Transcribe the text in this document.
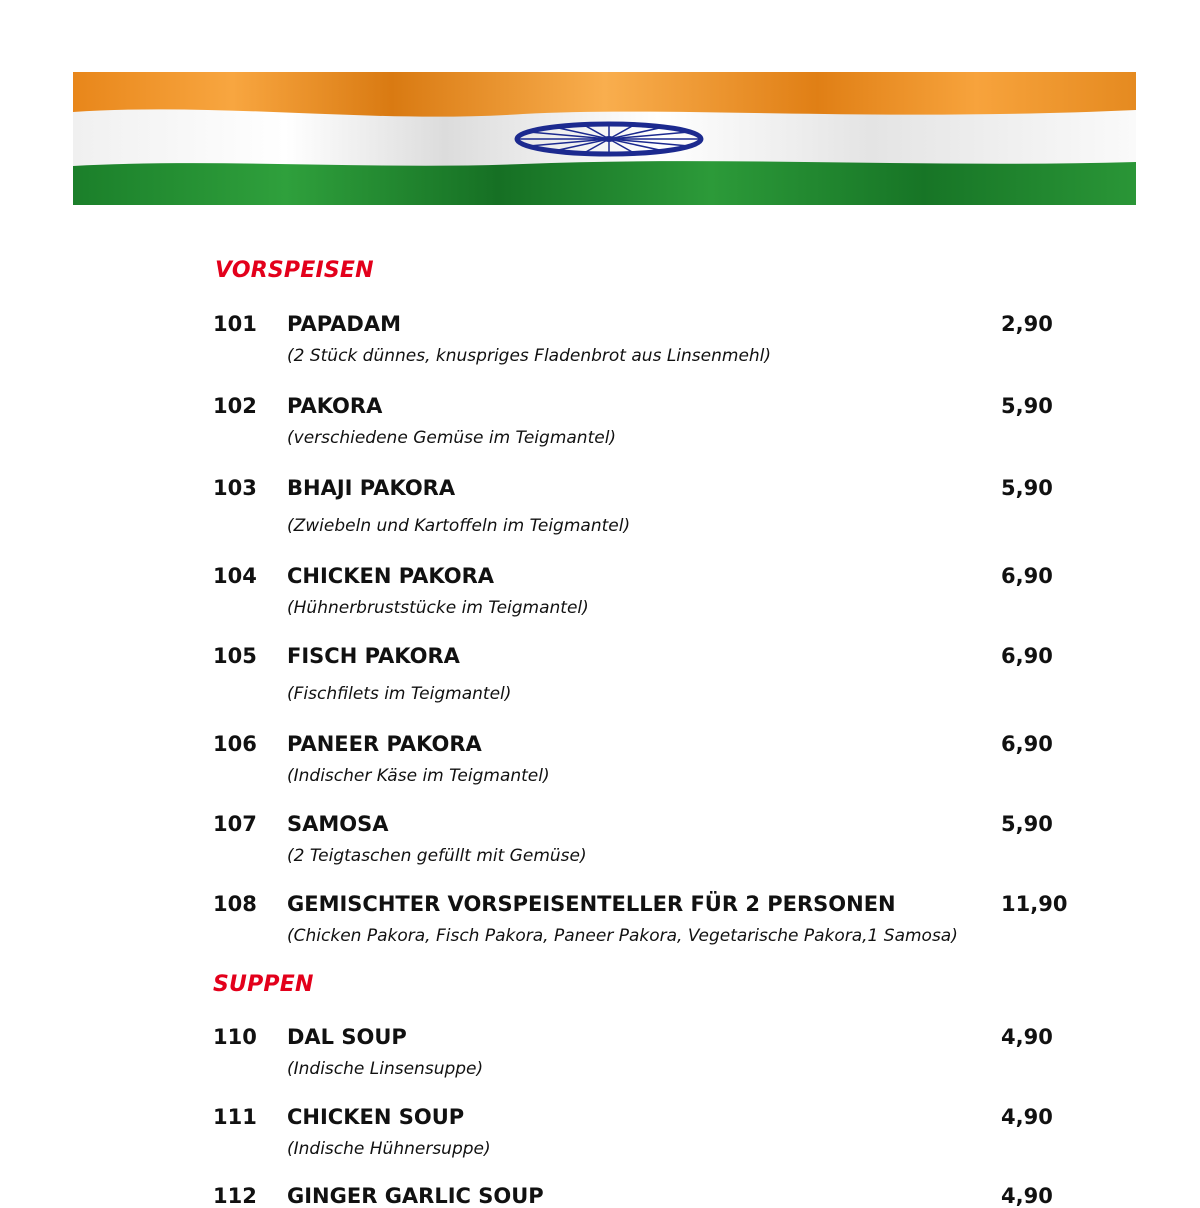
VORSPEISEN
101 PAPADAM	2,90
(2 Stück dünnes, knuspriges Fladenbrot aus Linsenmehl)
102 PAKORA	5,90
(verschiedene Gemüse im Teigmantel)
103 BHAJI PAKORA	5,90
(Zwiebeln und Kartoffeln im Teigmantel)
104 CHICKEN PAKORA	6,90
(Hühnerbruststücke im Teigmantel)
105 FISCH PAKORA	6,90
(Fischfilets im Teigmantel)
106 PANEER PAKORA	6,90
(Indischer Käse im Teigmantel)
107 SAMOSA	5,90
(2 Teigtaschen gefüllt mit Gemüse)
108 GEMISCHTER VORSPEISENTELLER FÜR 2 PERSONEN	11,90
(Chicken Pakora, Fisch Pakora, Paneer Pakora, Vegetarische Pakora,1 Samosa)
SUPPEN
110 DAL SOUP	4,90
(Indische Linsensuppe)
111 CHICKEN SOUP	4,90
(Indische Hühnersuppe)
112 GINGER GARLIC SOUP	4,90
